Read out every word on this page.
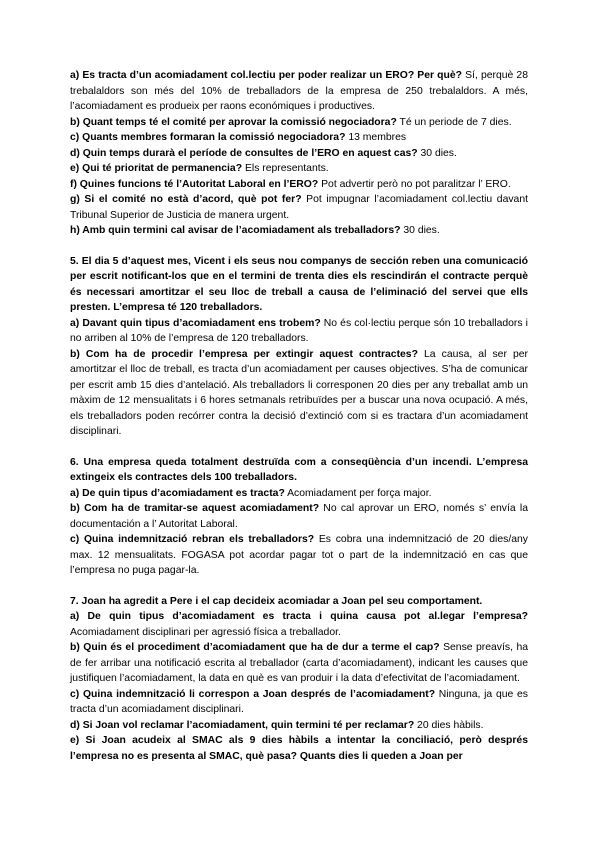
a) Es tracta d’un acomiadament col.lectiu per poder realizar un ERO? Per què? Sí, perquè 28 trebalaldors son més del 10% de treballadors de la empresa de 250 trebalaldors. A més, l’acomiadament es produeix per raons económiques i productives.

b) Quant temps té el comité per aprovar la comissió negociadora? Té un periode de 7 dies.

c) Quants membres formaran la comissió negociadora? 13 membres

d) Quin temps durarà el període de consultes de l’ERO en aquest cas? 30 dies.

e) Qui té prioritat de permanencia? Els representants.

f) Quines funcions té l’Autoritat Laboral en l’ERO? Pot advertir però no pot paralitzar l’ ERO.

g) Si el comité no està d’acord, què pot fer? Pot impugnar l’acomiadament col.lectiu davant Tribunal Superior de Justicia de manera urgent.

h) Amb quin termini cal avisar de l’acomiadament als treballadors? 30 dies.

5. El dia 5 d’aquest mes, Vicent i els seus nou companys de sección reben una comunicació per escrit notificant-los que en el termini de trenta dies els rescindirán el contracte perquè és necessari amortitzar el seu lloc de treball a causa de l’eliminació del servei que ells presten. L’empresa té 120 treballadors.

a) Davant quin tipus d’acomiadament ens trobem? No és col·lectiu perque són 10 treballadors i no arriben al 10% de l’empresa de 120 treballadors.

b) Com ha de procedir l’empresa per extingir aquest contractes? La causa, al ser per amortitzar el lloc de treball, es tracta d’un acomiadament per causes objectives. S’ha de comunicar per escrit amb 15 dies d’antelació. Als treballadors li corresponen 20 dies per any treballat amb un màxim de 12 mensualitats i 6 hores setmanals retribuïdes per a buscar una nova ocupació. A més, els treballadors poden recórrer contra la decisió d’extinció com si es tractara d’un acomiadament disciplinari.

6. Una empresa queda totalment destruïda com a conseqüència d’un incendi. L’empresa extingeix els contractes dels 100 treballadors.

a) De quin tipus d’acomiadament es tracta? Acomiadament per força major.

b) Com ha de tramitar-se aquest acomiadament? No cal aprovar un ERO, només s’ envía la documentación a l’ Autoritat Laboral.

c) Quina indemnització rebran els treballadors? Es cobra una indemnització de 20 dies/any max. 12 mensualitats. FOGASA pot acordar pagar tot o part de la indemnització en cas que l’empresa no puga pagar-la.

7. Joan ha agredit a Pere i el cap decideix acomiadar a Joan pel seu comportament.

a) De quin tipus d’acomiadament es tracta i quina causa pot al.legar l’empresa? Acomiadament disciplinari per agressió física a treballador.

b) Quin és el procediment d’acomiadament que ha de dur a terme el cap? Sense preavís, ha de fer arribar una notificació escrita al treballador (carta d’acomiadament), indicant les causes que justifiquen l’acomiadament, la data en què es van produir i la data d’efectivitat de l’acomiadament.

c) Quina indemnització li correspon a Joan després de l’acomiadament? Ninguna, ja que es tracta d’un acomiadament disciplinari.

d) Si Joan vol reclamar l’acomiadament, quin termini té per reclamar? 20 dies hàbils.

e) Si Joan acudeix al SMAC als 9 dies hàbils a intentar la conciliació, però després l’empresa no es presenta al SMAC, què pasa? Quants dies li queden a Joan per
